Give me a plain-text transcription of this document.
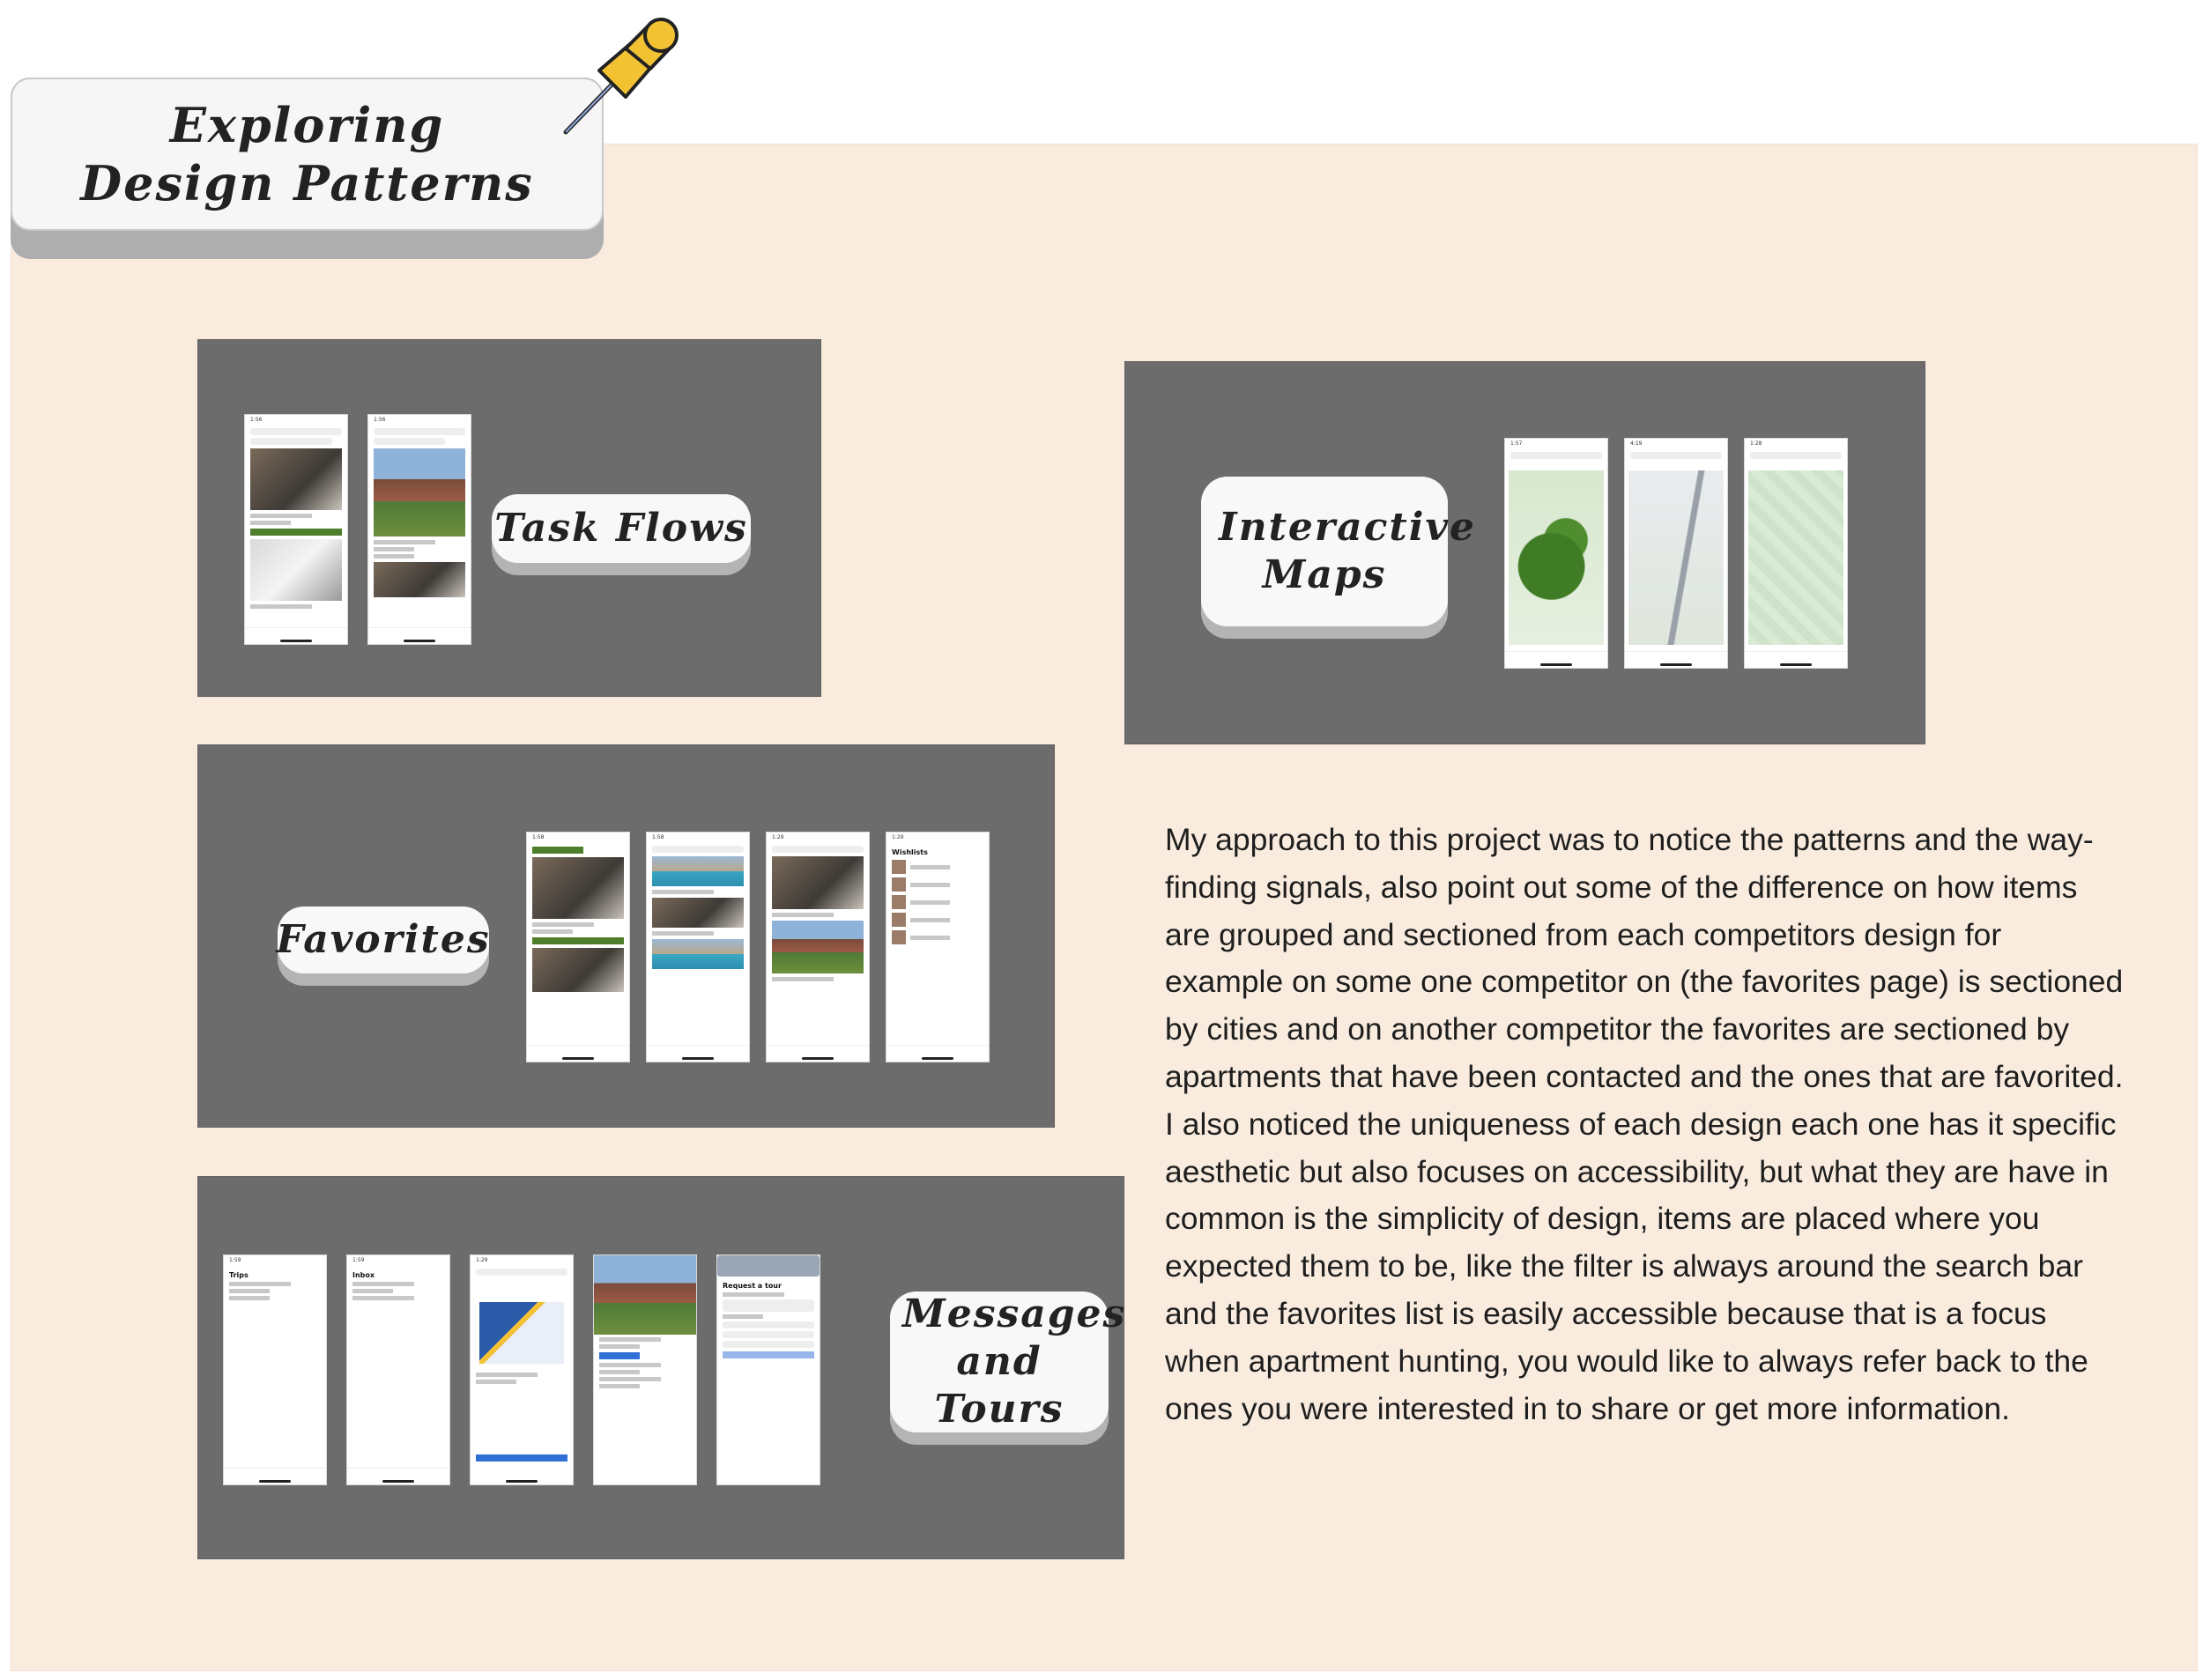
Exploring Design Patterns
1:56	1:56
Task Flows	Interactive Maps
1:57	4:19	1:28
Favorites
1:58	1:58	1:29	1:29
Wishlists
1:59
Trips
1:59
Inbox
1:29
Request a tour
Messages and Tours
My approach to this project was to notice the patterns and the way-finding signals, also point out some of the difference on how items are grouped and sectioned from each competitors design for example on some one competitor on (the favorites page) is sectioned by cities and on another competitor the favorites are sectioned by apartments that have been contacted and the ones that are favorited. I also noticed the uniqueness of each design each one has it specific aesthetic but also focuses on accessibility, but what they are have in common is the simplicity of design, items are placed where you expected them to be, like the filter is always around the search bar and the favorites list is easily accessible because that is a focus when apartment hunting, you would like to always refer back to the ones you were interested in to share or get more information.
